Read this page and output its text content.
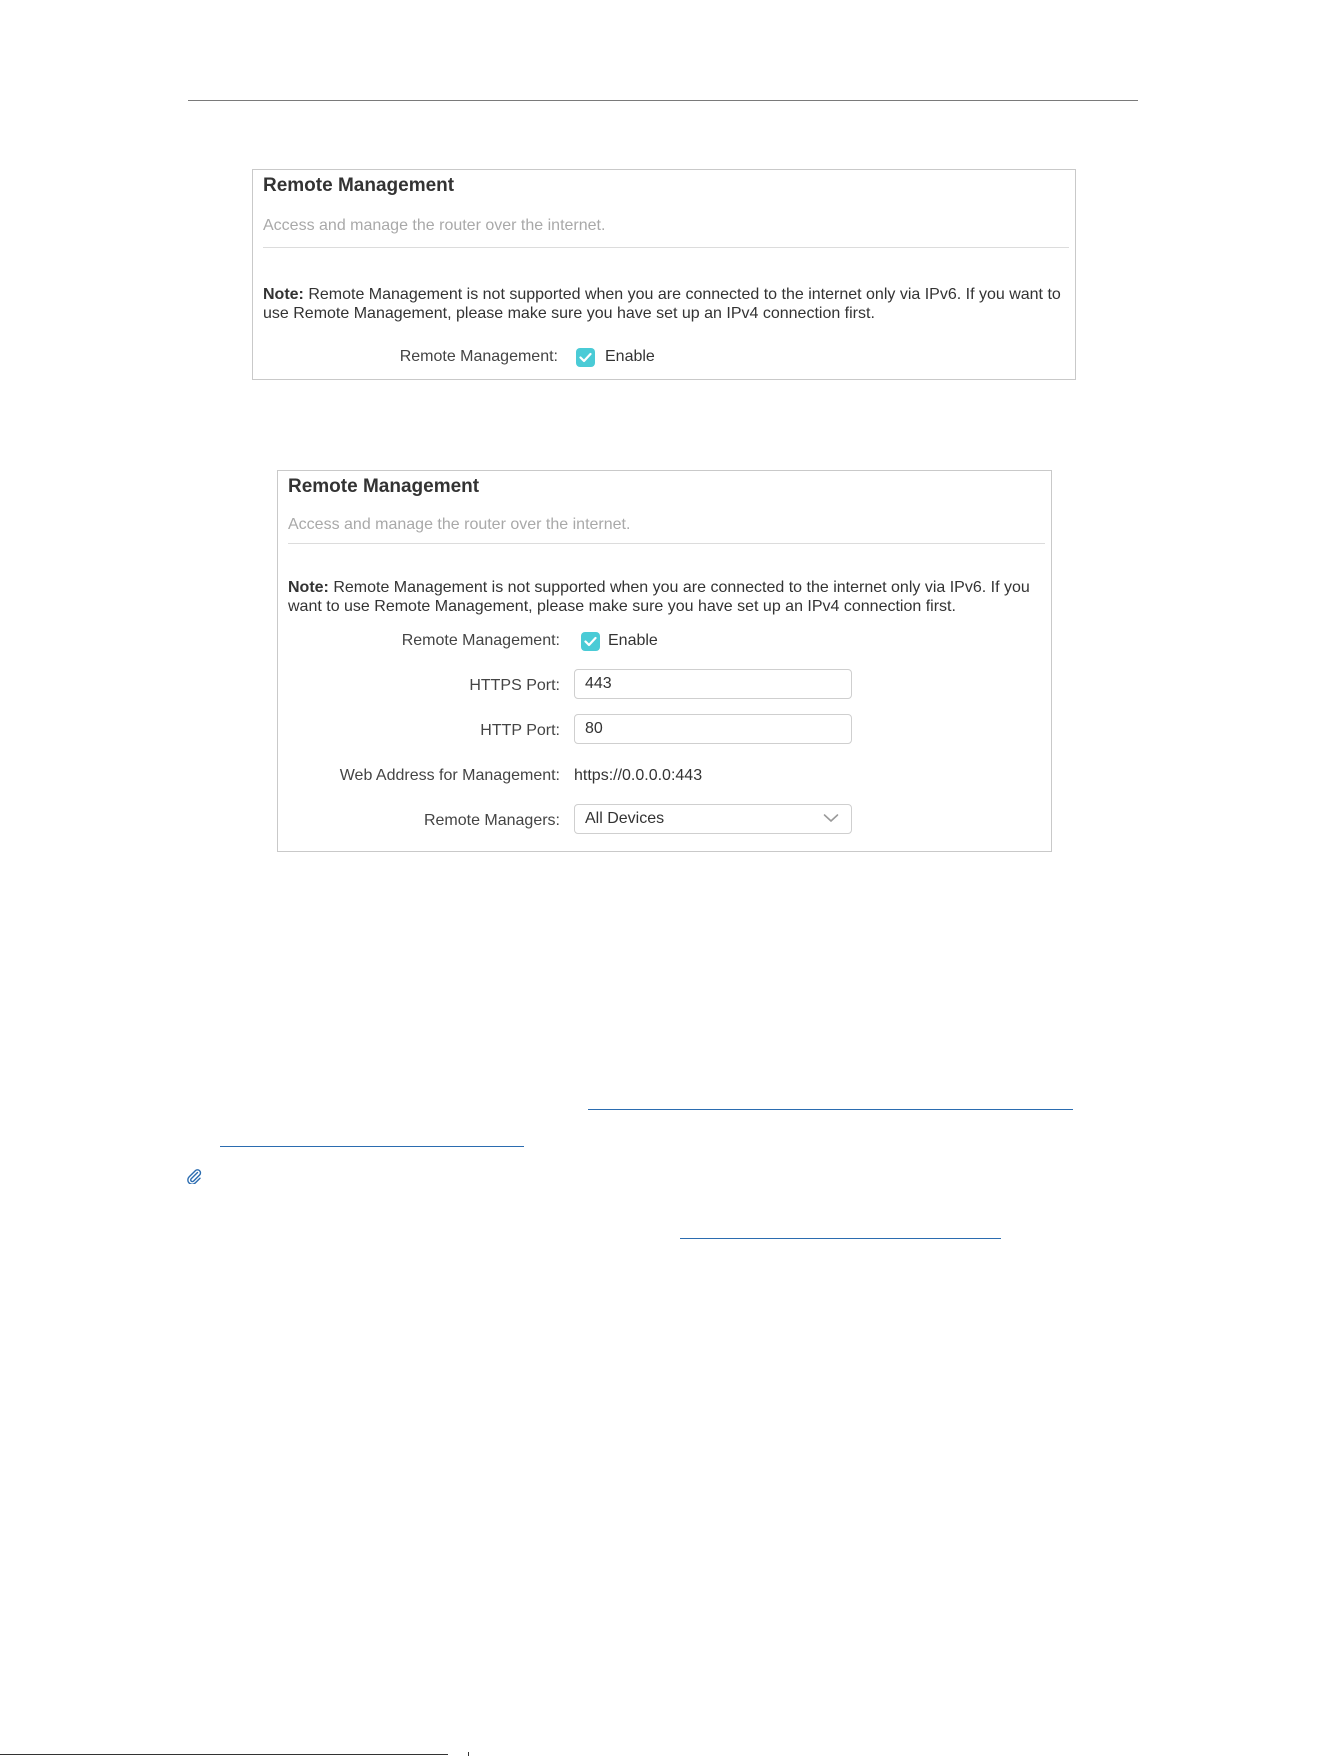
Remote Management
Access and manage the router over the internet.
Note: Remote Management is not supported when you are connected to the internet only via IPv6. If you want to use Remote Management, please make sure you have set up an IPv4 connection first.
Remote Management:	Enable
Remote Management
Access and manage the router over the internet.
Note: Remote Management is not supported when you are connected to the internet only via IPv6. If you want to use Remote Management, please make sure you have set up an IPv4 connection first.
Remote Management:	Enable
HTTPS Port:	443
HTTP Port:	80
Web Address for Management: https://0.0.0.0:443
Remote Managers:	All Devices
